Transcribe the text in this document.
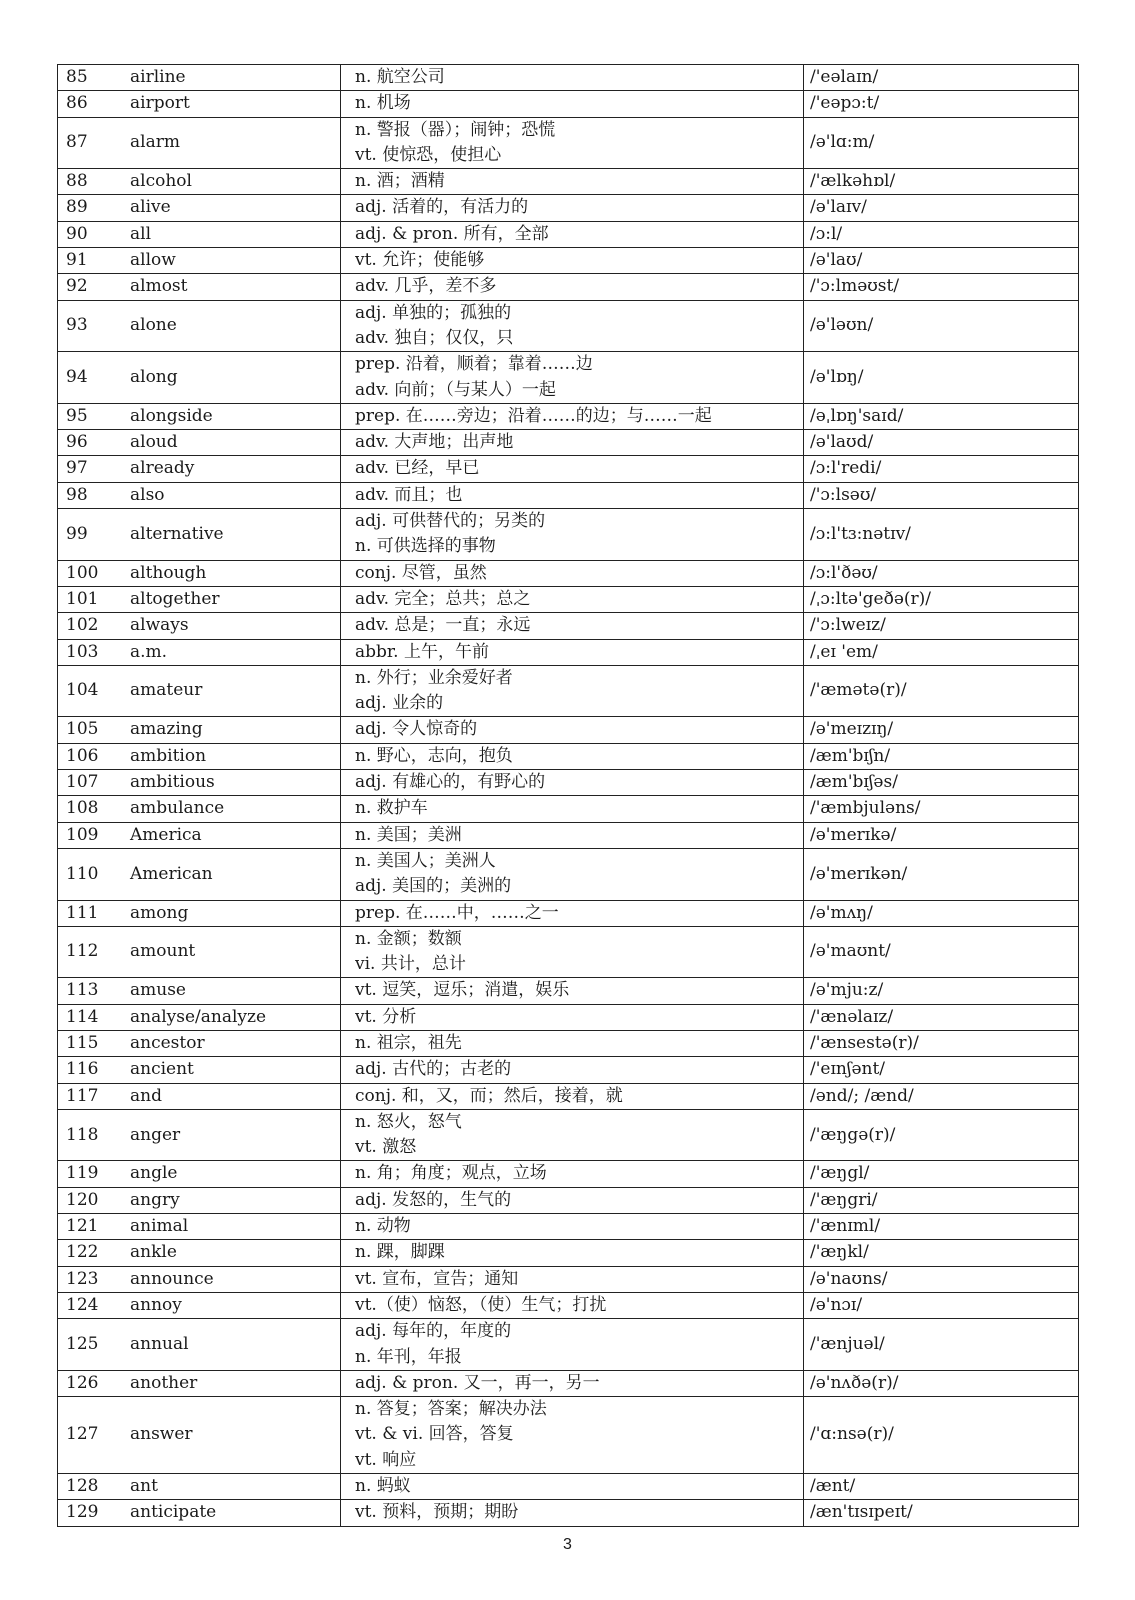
85	airline	n. 航空公司	/'eəlaɪn/
86	airport	n. 机场	/'eəpɔ:t/
87	alarm	n. 警报（器）；闹钟；恐慌
vt. 使惊恐，使担心	/ə'lɑ:m/
88	alcohol	n. 酒；酒精	/'ælkəhɒl/
89	alive	adj. 活着的，有活力的	/ə'laɪv/
90	all	adj. & pron. 所有，全部	/ɔ:l/
91	allow	vt. 允许；使能够	/ə'laʊ/
92	almost	adv. 几乎，差不多	/'ɔ:lməʊst/
93	alone	adj. 单独的；孤独的
adv. 独自；仅仅，只	/ə'ləʊn/
94	along	prep. 沿着，顺着；靠着……边
adv. 向前；（与某人）一起	/ə'lɒŋ/
95	alongside	prep. 在……旁边；沿着……的边；与……一起	/əˌlɒŋ'saɪd/
96	aloud	adv. 大声地；出声地	/ə'laʊd/
97	already	adv. 已经，早已	/ɔ:l'redi/
98	also	adv. 而且；也	/'ɔ:lsəʊ/
99	alternative	adj. 可供替代的；另类的
n. 可供选择的事物	/ɔ:l'tɜ:nətɪv/
100	although	conj. 尽管，虽然	/ɔ:l'ðəʊ/
101	altogether	adv. 完全；总共；总之	/ˌɔ:ltə'geðə(r)/
102	always	adv. 总是；一直；永远	/'ɔ:lweɪz/
103	a.m.	abbr. 上午，午前	/ˌeɪ 'em/
104	amateur	n. 外行；业余爱好者
adj. 业余的	/'æmətə(r)/
105	amazing	adj. 令人惊奇的	/ə'meɪzɪŋ/
106	ambition	n. 野心，志向，抱负	/æm'bɪʃn/
107	ambitious	adj. 有雄心的，有野心的	/æm'bɪʃəs/
108	ambulance	n. 救护车	/'æmbjuləns/
109	America	n. 美国；美洲	/ə'merɪkə/
110	American	n. 美国人；美洲人
adj. 美国的；美洲的	/ə'merɪkən/
111	among	prep. 在……中，……之一	/ə'mʌŋ/
112	amount	n. 金额；数额
vi. 共计，总计	/ə'maʊnt/
113	amuse	vt. 逗笑，逗乐；消遣，娱乐	/ə'mju:z/
114	analyse/analyze	vt. 分析	/'ænəlaɪz/
115	ancestor	n. 祖宗，祖先	/'ænsestə(r)/
116	ancient	adj. 古代的；古老的	/'eɪnʃənt/
117	and	conj. 和，又，而；然后，接着，就	/ənd/; /ænd/
118	anger	n. 怒火，怒气
vt. 激怒	/'æŋgə(r)/
119	angle	n. 角；角度；观点，立场	/'æŋgl/
120	angry	adj. 发怒的，生气的	/'æŋgri/
121	animal	n. 动物	/'ænɪml/
122	ankle	n. 踝，脚踝	/'æŋkl/
123	announce	vt. 宣布，宣告；通知	/ə'naʊns/
124	annoy	vt.（使）恼怒，（使）生气；打扰	/ə'nɔɪ/
125	annual	adj. 每年的，年度的
n. 年刊，年报	/'ænjuəl/
126	another	adj. & pron. 又一，再一，另一	/ə'nʌðə(r)/
127	answer	n. 答复；答案；解决办法
vt. & vi. 回答，答复
vt. 响应	/'ɑ:nsə(r)/
128	ant	n. 蚂蚁	/ænt/
129	anticipate	vt. 预料，预期；期盼	/æn'tɪsɪpeɪt/
3
